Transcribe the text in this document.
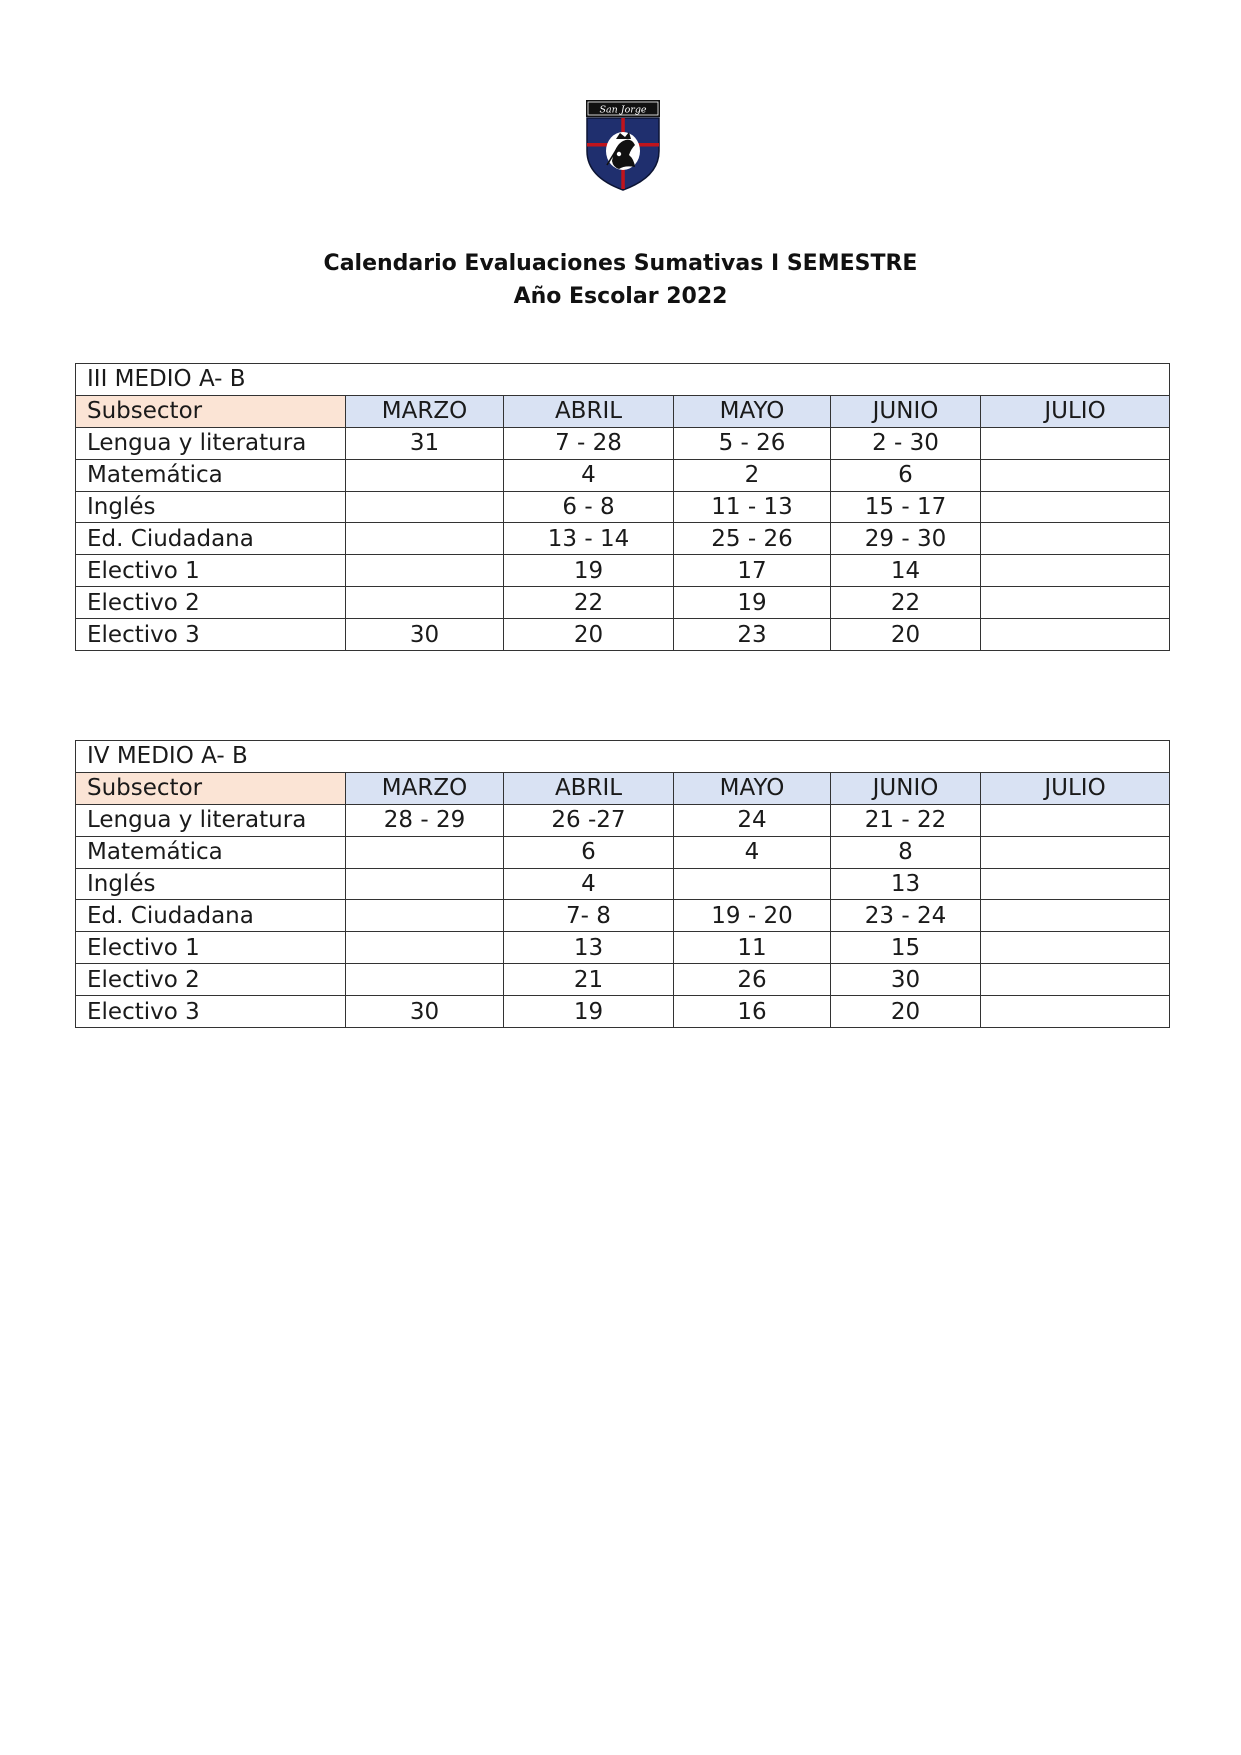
San Jorge
Calendario Evaluaciones Sumativas I SEMESTRE
Año Escolar 2022
III MEDIO A- B					
Subsector	MARZO	ABRIL	MAYO	JUNIO	JULIO
Lengua y literatura	31	7 - 28	5 - 26	2 - 30	
Matemática		4	2	6	
Inglés		6 - 8	11 - 13	15 - 17	
Ed. Ciudadana		13 - 14	25 - 26	29 - 30	
Electivo 1		19	17	14	
Electivo 2		22	19	22	
Electivo 3	30	20	23	20	
IV MEDIO A- B					
Subsector	MARZO	ABRIL	MAYO	JUNIO	JULIO
Lengua y literatura	28 - 29	26 -27	24	21 - 22	
Matemática		6	4	8	
Inglés		4		13	
Ed. Ciudadana		7- 8	19 - 20	23 - 24	
Electivo 1		13	11	15	
Electivo 2		21	26	30	
Electivo 3	30	19	16	20	
